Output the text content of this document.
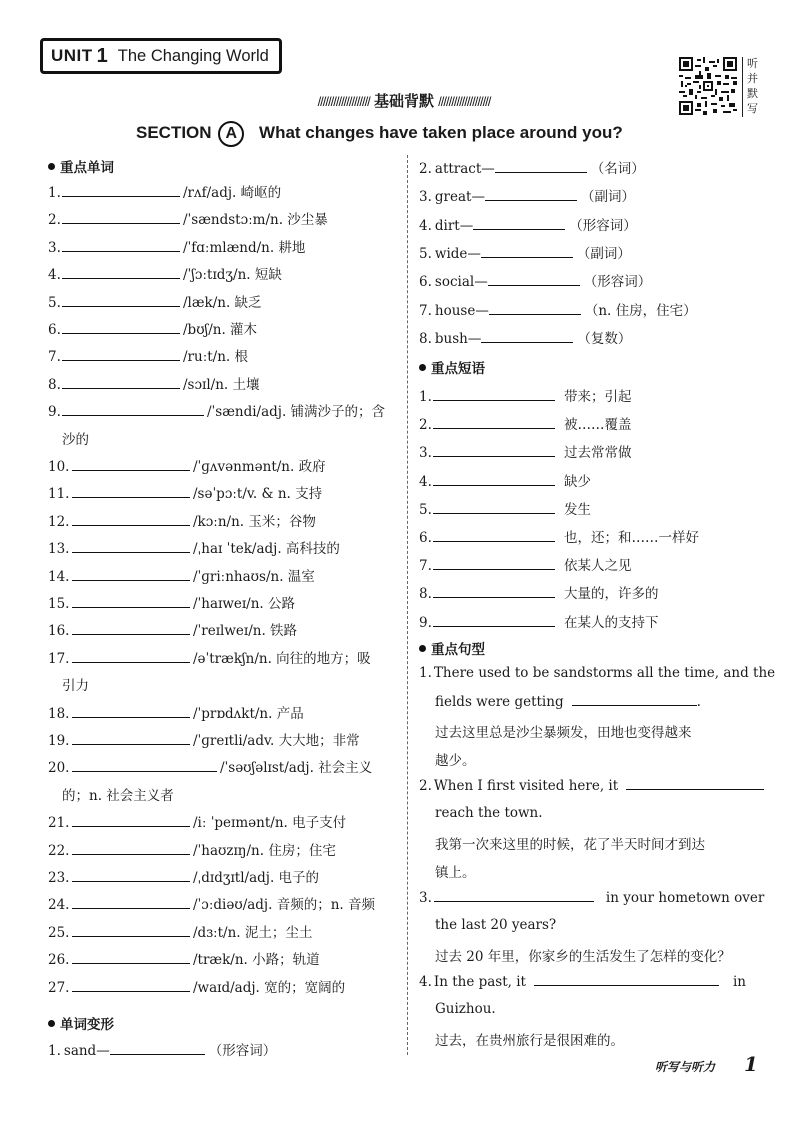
UNIT 1 The Changing World	听并默写
//////////////////// 基础背默 ////////////////////
SECTION A What changes have taken place around you?
听写与听力 1
重点单词
1.	/rʌf/adj. 崎岖的
2.	/ˈsændstɔːm/n. 沙尘暴
3.	/ˈfɑːmlænd/n. 耕地
4.	/ˈʃɔːtɪdʒ/n. 短缺
5.	/læk/n. 缺乏
6.	/bʊʃ/n. 灌木
7.	/ruːt/n. 根
8.	/sɔɪl/n. 土壤
9.	/ˈsændi/adj. 铺满沙子的；含
沙的
10.	/ˈɡʌvənmənt/n. 政府
11.	/səˈpɔːt/v. & n. 支持
12.	/kɔːn/n. 玉米；谷物
13.	/ˌhaɪ ˈtek/adj. 高科技的
14.	/ˈɡriːnhaʊs/n. 温室
15.	/ˈhaɪweɪ/n. 公路
16.	/ˈreɪlweɪ/n. 铁路
17.	/əˈtrækʃn/n. 向往的地方；吸
引力
18.	/ˈprɒdʌkt/n. 产品
19.	/ˈɡreɪtli/adv. 大大地；非常
20.	/ˈsəʊʃəlɪst/adj. 社会主义
的；n. 社会主义者
21.	/iː ˈpeɪmənt/n. 电子支付
22.	/ˈhaʊzɪŋ/n. 住房；住宅
23.	/ˌdɪdʒɪtl/adj. 电子的
24.	/ˈɔːdiəʊ/adj. 音频的；n. 音频
25.	/dɜːt/n. 泥土；尘土
26.	/træk/n. 小路；轨道
27.	/waɪd/adj. 宽的；宽阔的
单词变形
1. sand—	（形容词）
2. attract—	（名词）
3. great—	（副词）
4. dirt—	（形容词）
5. wide—	（副词）
6. social—	（形容词）
7. house—	（n. 住房，住宅）
8. bush—	（复数）
重点短语
1.	带来；引起
2.	被……覆盖
3.	过去常常做
4.	缺少
5.	发生
6.	也，还；和……一样好
7.	依某人之见
8.	大量的，许多的
9.	在某人的支持下
重点句型
1. There used to be sandstorms all the time, and the
fields were getting	.
过去这里总是沙尘暴频发，田地也变得越来
越少。
2. When I first visited here, it
reach the town.
我第一次来这里的时候，花了半天时间才到达
镇上。
3.	in your hometown over
the last 20 years?
过去 20 年里，你家乡的生活发生了怎样的变化？
4. In the past, it	in
Guizhou.
过去，在贵州旅行是很困难的。
